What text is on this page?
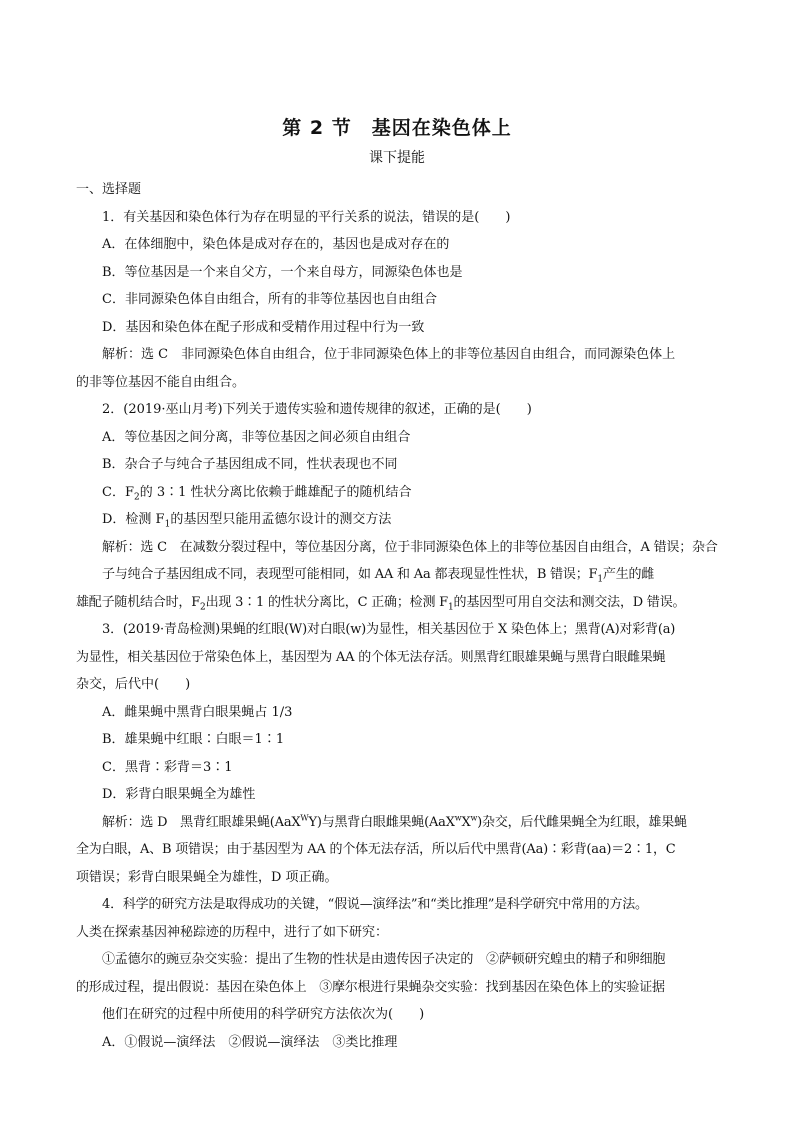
第 2 节　基因在染色体上
课下提能

一、选择题

1．有关基因和染色体行为存在明显的平行关系的说法，错误的是(　　)

A．在体细胞中，染色体是成对存在的，基因也是成对存在的

B．等位基因是一个来自父方，一个来自母方，同源染色体也是

C．非同源染色体自由组合，所有的非等位基因也自由组合

D．基因和染色体在配子形成和受精作用过程中行为一致

解析：选 C　非同源染色体自由组合，位于非同源染色体上的非等位基因自由组合，而同源染色体上

的非等位基因不能自由组合。

2．(2019·巫山月考)下列关于遗传实验和遗传规律的叙述，正确的是(　　)

A．等位基因之间分离，非等位基因之间必须自由组合

B．杂合子与纯合子基因组成不同，性状表现也不同

C．$F_2$的 3∶1 性状分离比依赖于雌雄配子的随机结合

D．检测 $F_1$的基因型只能用孟德尔设计的测交方法

解析：选 C　在减数分裂过程中，等位基因分离，位于非同源染色体上的非等位基因自由组合，A 错误；杂合子与纯合子基因组成不同，表现型可能相同，如 AA 和 Aa 都表现显性性状，B 错误；$F_1$产生的雌

雄配子随机结合时，$F_2$出现 3∶1 的性状分离比，C 正确；检测 $F_1$的基因型可用自交法和测交法，D 错误。

3．(2019·青岛检测)果蝇的红眼(W)对白眼(w)为显性，相关基因位于 X 染色体上；黑背(A)对彩背(a)

为显性，相关基因位于常染色体上，基因型为 AA 的个体无法存活。则黑背红眼雄果蝇与黑背白眼雌果蝇

杂交，后代中(　　)

A．雌果蝇中黑背白眼果蝇占 1/3

B．雄果蝇中红眼∶白眼＝1∶1

C．黑背∶彩背＝3∶1

D．彩背白眼果蝇全为雄性

解析：选 D　黑背红眼雄果蝇(AaX$^W$Y)与黑背白眼雌果蝇$(AaX^wX^w)$杂交，后代雌果蝇全为红眼，雄果蝇

全为白眼，A、B 项错误；由于基因型为 AA 的个体无法存活，所以后代中黑背(Aa)∶彩背(aa)＝2∶1，C

项错误；彩背白眼果蝇全为雄性，D 项正确。

4．科学的研究方法是取得成功的关键，“假说—演绎法”和“类比推理”是科学研究中常用的方法。

人类在探索基因神秘踪迹的历程中，进行了如下研究：

①孟德尔的豌豆杂交实验：提出了生物的性状是由遗传因子决定的　②萨顿研究蝗虫的精子和卵细胞

的形成过程，提出假说：基因在染色体上　③摩尔根进行果蝇杂交实验：找到基因在染色体上的实验证据

他们在研究的过程中所使用的科学研究方法依次为(　　)

A．①假说—演绎法　②假说—演绎法　③类比推理
